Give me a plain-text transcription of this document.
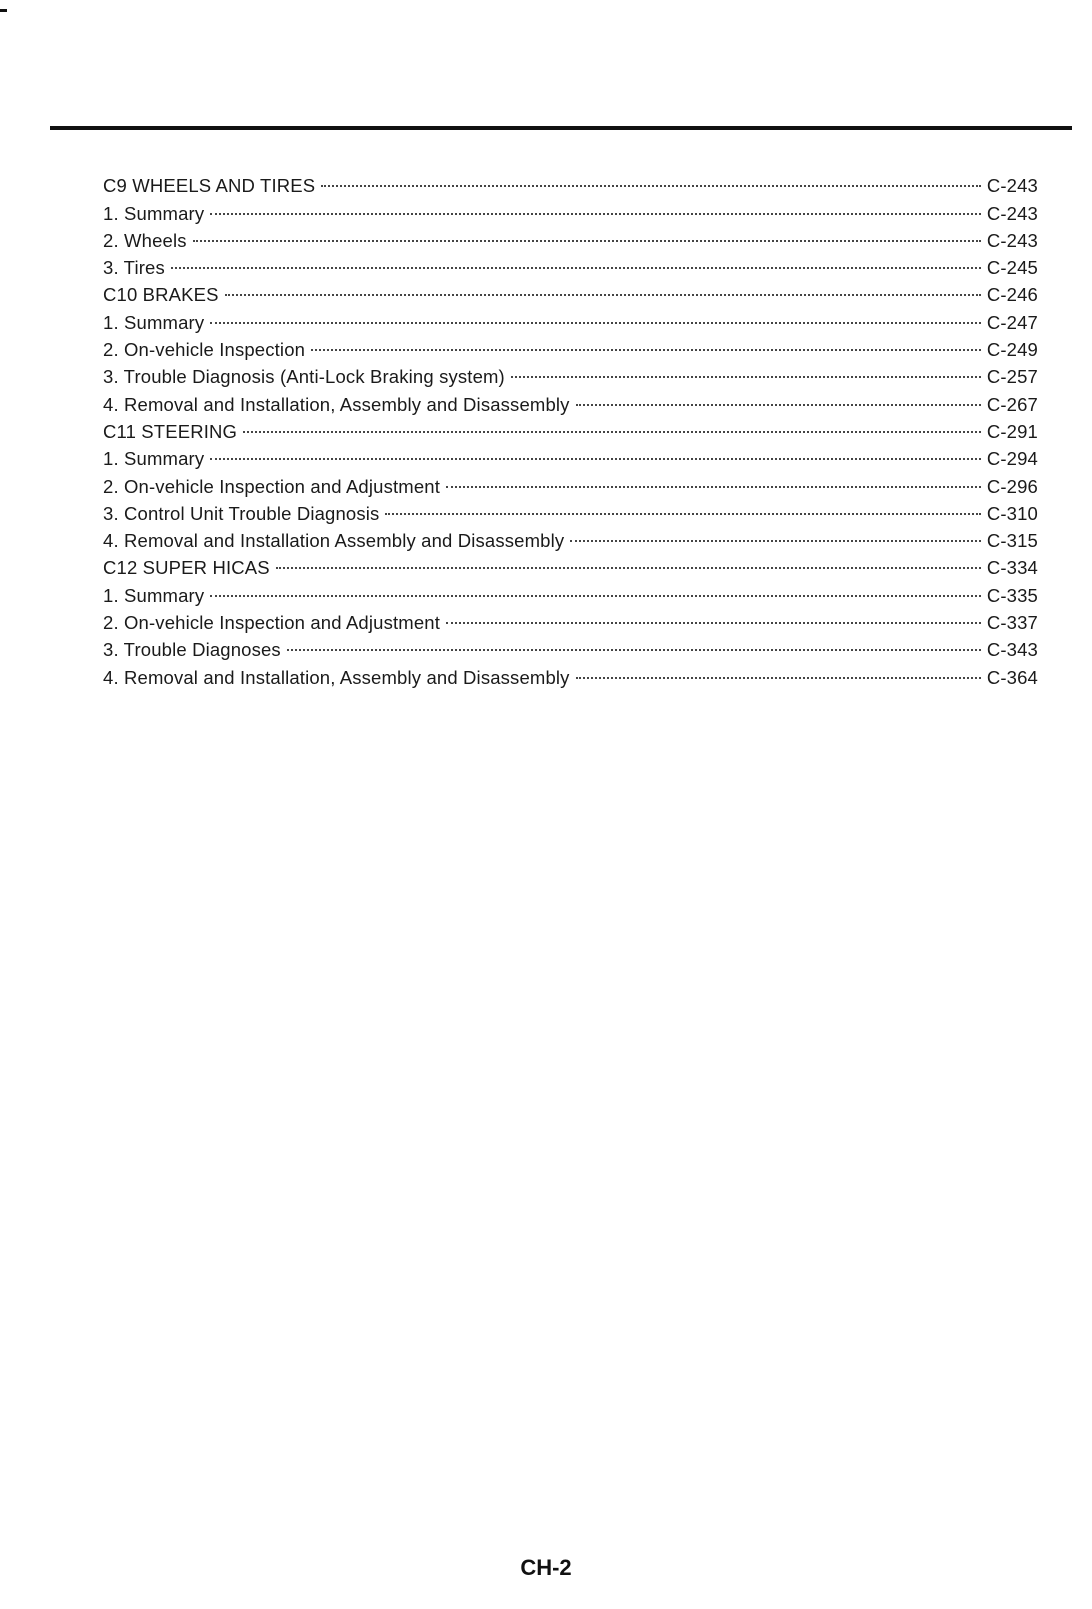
C9 WHEELS AND TIRES	C-243
1. Summary	C-243
2. Wheels	C-243
3. Tires	C-245
C10 BRAKES	C-246
1. Summary	C-247
2. On-vehicle Inspection	C-249
3. Trouble Diagnosis (Anti-Lock Braking system)	C-257
4. Removal and Installation, Assembly and Disassembly	C-267
C11 STEERING	C-291
1. Summary	C-294
2. On-vehicle Inspection and Adjustment	C-296
3. Control Unit Trouble Diagnosis	C-310
4. Removal and Installation Assembly and Disassembly	C-315
C12 SUPER HICAS	C-334
1. Summary	C-335
2. On-vehicle Inspection and Adjustment	C-337
3. Trouble Diagnoses	C-343
4. Removal and Installation, Assembly and Disassembly	C-364
CH-2
